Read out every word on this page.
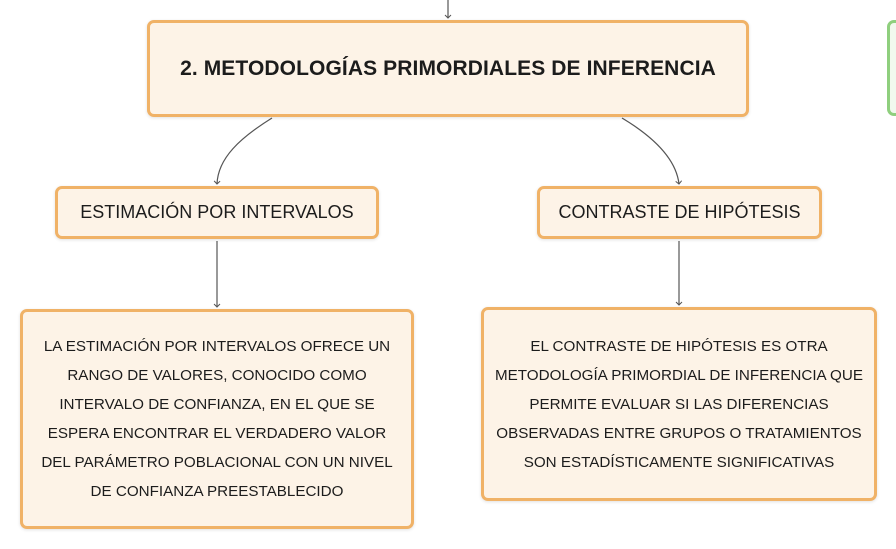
2. METODOLOGÍAS PRIMORDIALES DE INFERENCIA
ESTIMACIÓN POR INTERVALOS	CONTRASTE DE HIPÓTESIS
LA ESTIMACIÓN POR INTERVALOS OFRECE UN RANGO DE VALORES, CONOCIDO COMO INTERVALO DE CONFIANZA, EN EL QUE SE ESPERA ENCONTRAR EL VERDADERO VALOR DEL PARÁMETRO POBLACIONAL CON UN NIVEL DE CONFIANZA PREESTABLECIDO
EL CONTRASTE DE HIPÓTESIS ES OTRA METODOLOGÍA PRIMORDIAL DE INFERENCIA QUE PERMITE EVALUAR SI LAS DIFERENCIAS OBSERVADAS ENTRE GRUPOS O TRATAMIENTOS SON ESTADÍSTICAMENTE SIGNIFICATIVAS
